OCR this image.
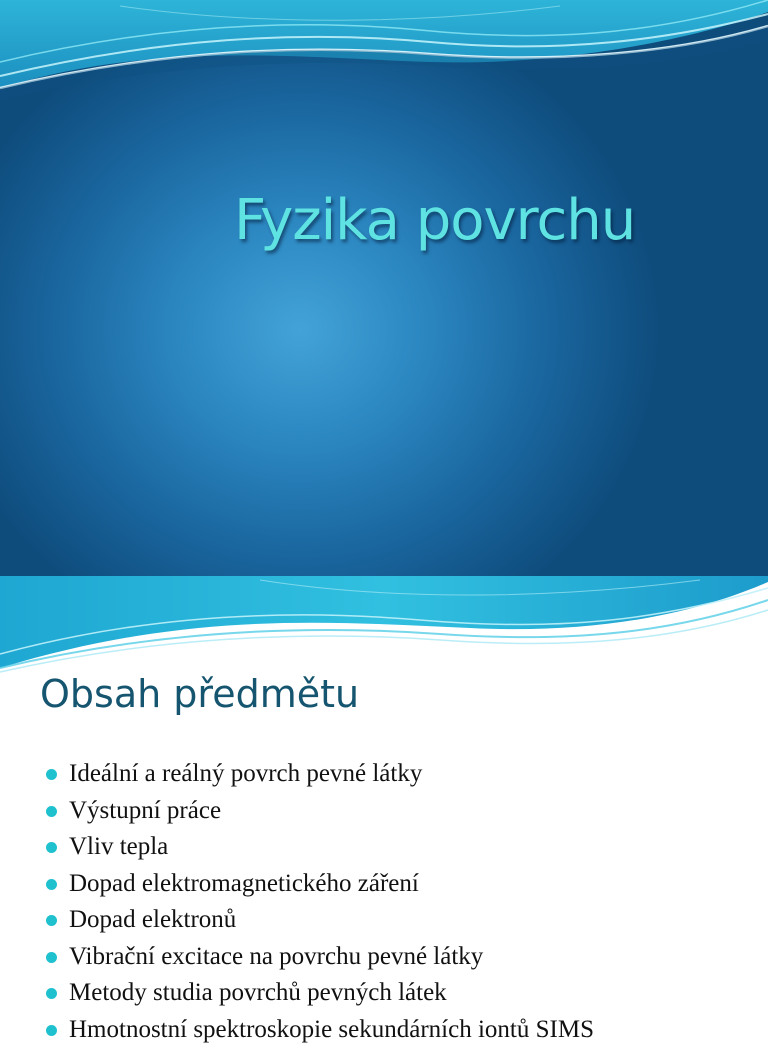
Fyzika povrchu
Obsah předmětu
Ideální a reálný povrch pevné látky
Výstupní práce
Vliv tepla
Dopad elektromagnetického záření
Dopad elektronů
Vibrační excitace na povrchu pevné látky
Metody studia povrchů pevných látek
Hmotnostní spektroskopie sekundárních iontů SIMS
